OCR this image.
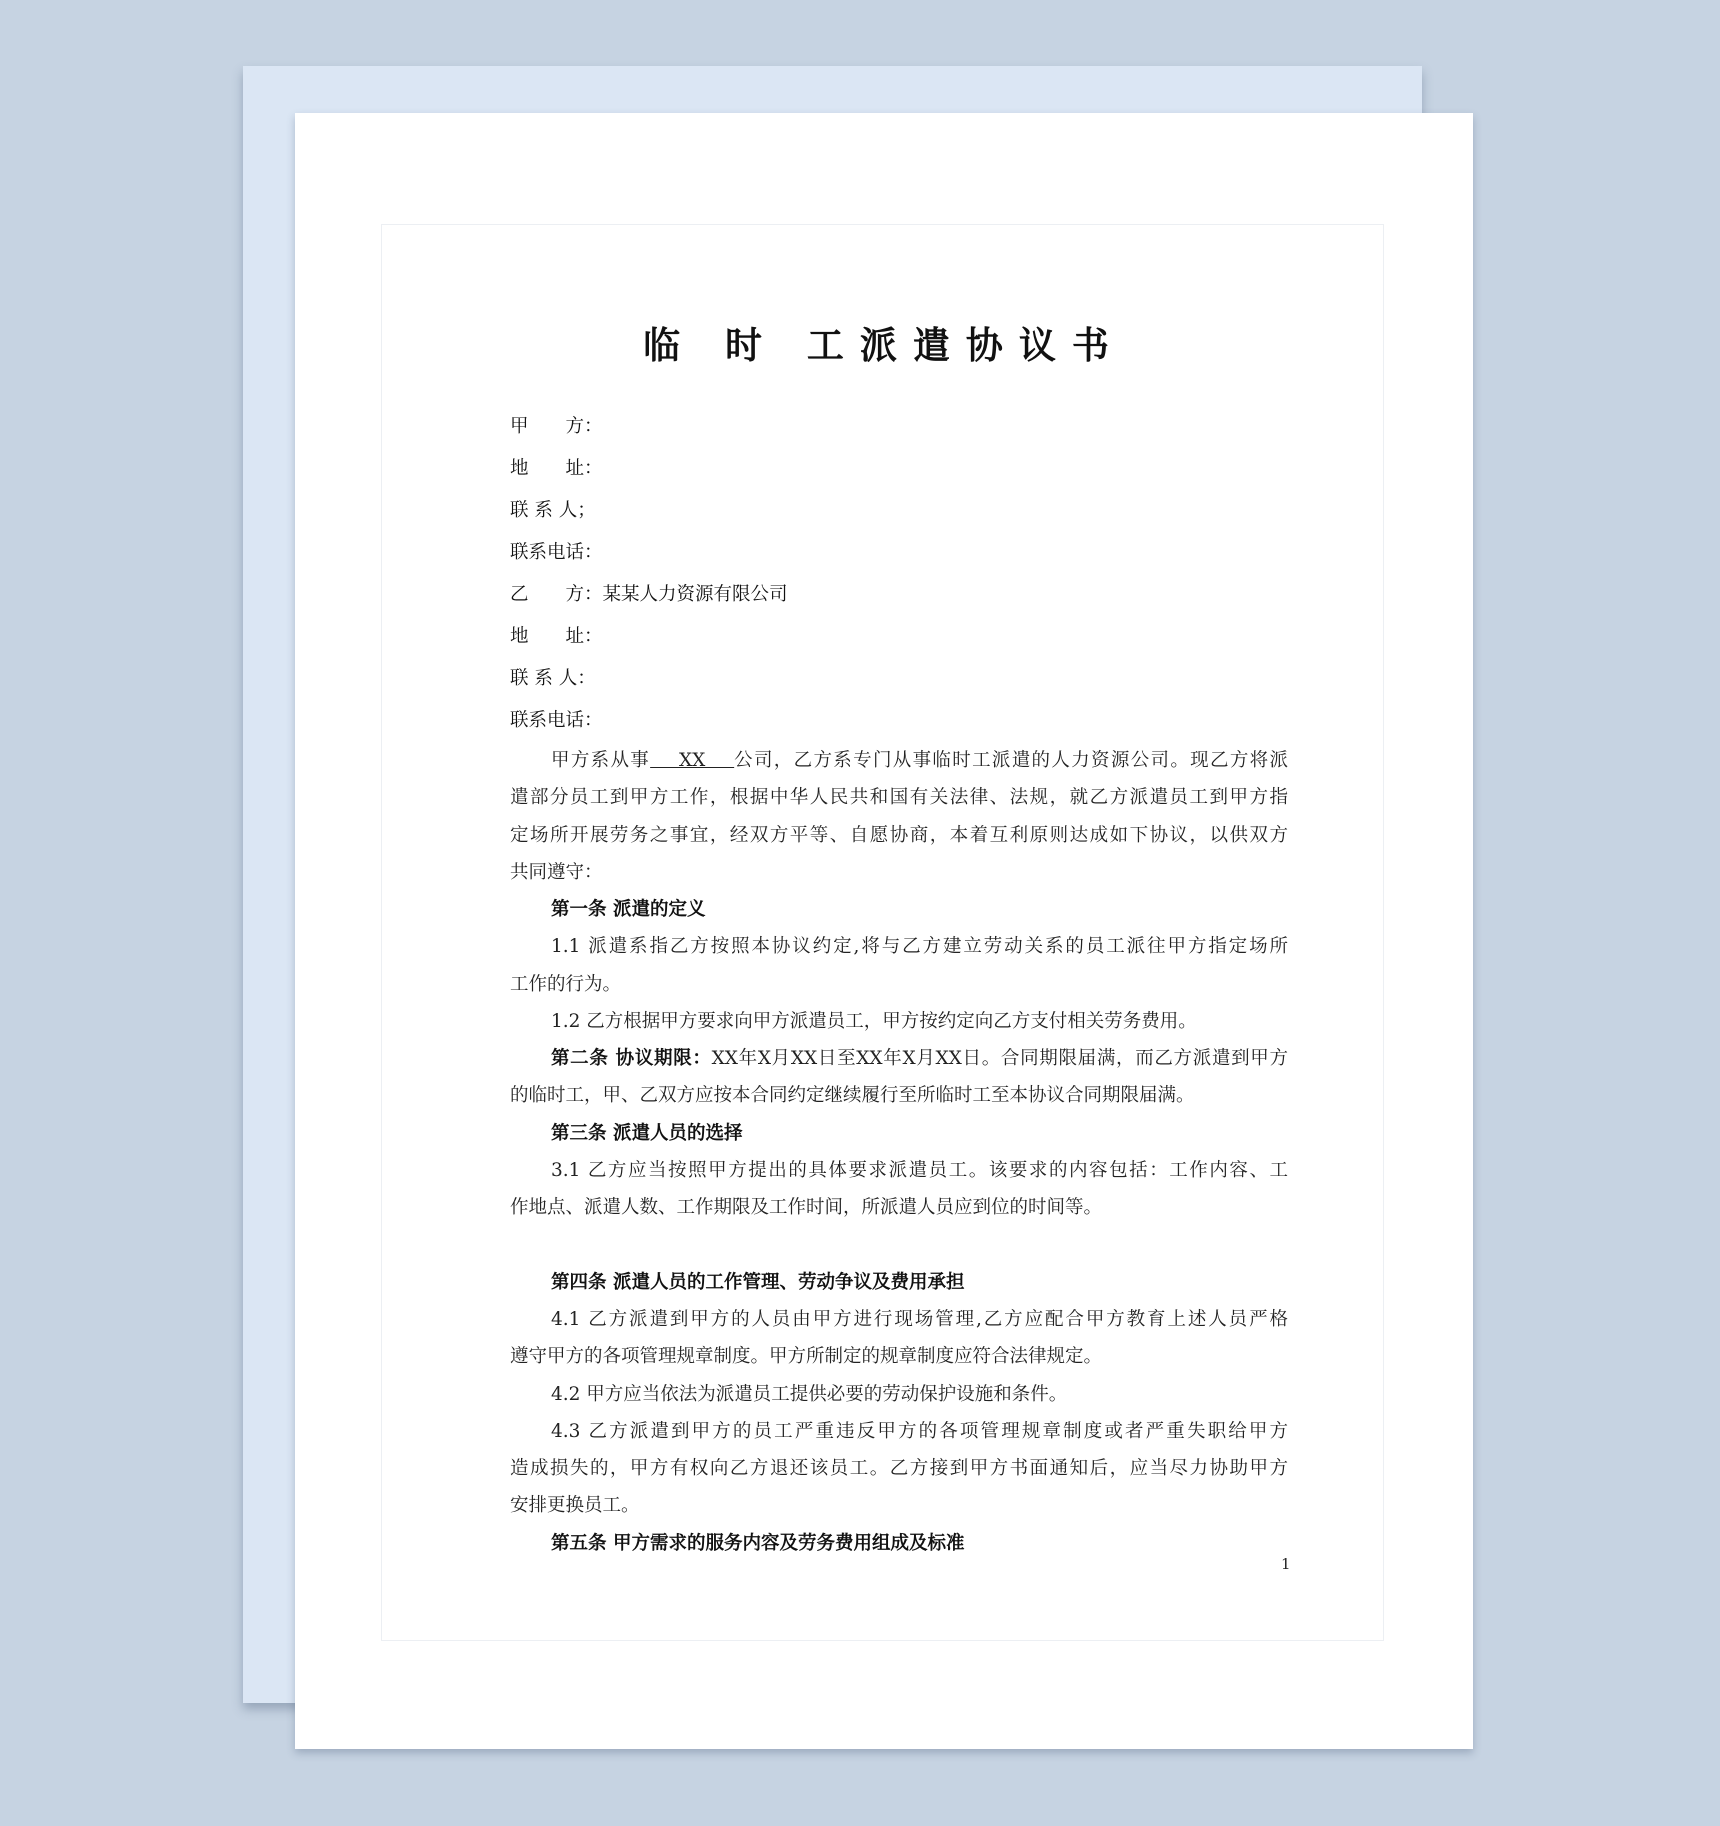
临 时 工派遣协议书
甲　　方：
地　　址：
联 系 人；
联系电话：
乙　　方：某某人力资源有限公司
地　　址：
联 系 人：
联系电话：
甲方系从事    XX    公司，乙方系专门从事临时工派遣的人力资源公司。现乙方将派
遣部分员工到甲方工作，根据中华人民共和国有关法律、法规，就乙方派遣员工到甲方指
定场所开展劳务之事宜，经双方平等、自愿协商，本着互利原则达成如下协议，以供双方
共同遵守：
第一条 派遣的定义
1.1 派遣系指乙方按照本协议约定,将与乙方建立劳动关系的员工派往甲方指定场所
工作的行为。
1.2 乙方根据甲方要求向甲方派遣员工，甲方按约定向乙方支付相关劳务费用。
第二条 协议期限：XX年X月XX日至XX年X月XX日。合同期限届满，而乙方派遣到甲方
的临时工，甲、乙双方应按本合同约定继续履行至所临时工至本协议合同期限届满。
第三条 派遣人员的选择
3.1 乙方应当按照甲方提出的具体要求派遣员工。该要求的内容包括：工作内容、工
作地点、派遣人数、工作期限及工作时间，所派遣人员应到位的时间等。
第四条 派遣人员的工作管理、劳动争议及费用承担
4.1 乙方派遣到甲方的人员由甲方进行现场管理,乙方应配合甲方教育上述人员严格
遵守甲方的各项管理规章制度。甲方所制定的规章制度应符合法律规定。
4.2 甲方应当依法为派遣员工提供必要的劳动保护设施和条件。
4.3 乙方派遣到甲方的员工严重违反甲方的各项管理规章制度或者严重失职给甲方
造成损失的，甲方有权向乙方退还该员工。乙方接到甲方书面通知后，应当尽力协助甲方
安排更换员工。
第五条 甲方需求的服务内容及劳务费用组成及标准
1
